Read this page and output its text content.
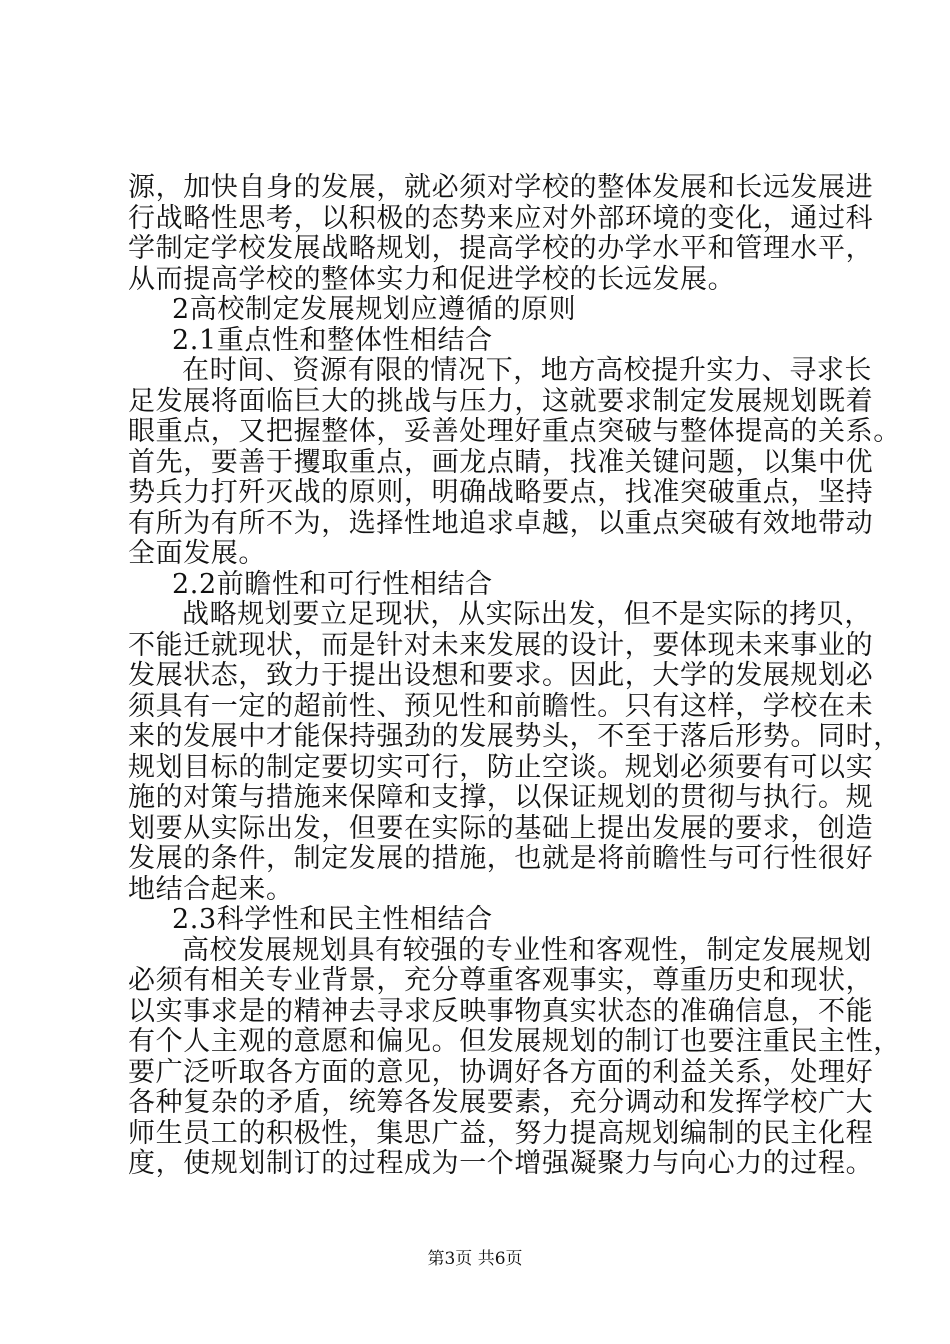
源，加快自身的发展，就必须对学校的整体发展和长远发展进
行战略性思考，以积极的态势来应对外部环境的变化，通过科
学制定学校发展战略规划，提高学校的办学水平和管理水平，
从而提高学校的整体实力和促进学校的长远发展。
2高校制定发展规划应遵循的原则
2.1重点性和整体性相结合
在时间、资源有限的情况下，地方高校提升实力、寻求长
足发展将面临巨大的挑战与压力，这就要求制定发展规划既着
眼重点，又把握整体，妥善处理好重点突破与整体提高的关系。
首先，要善于攫取重点，画龙点睛，找准关键问题，以集中优
势兵力打歼灭战的原则，明确战略要点，找准突破重点，坚持
有所为有所不为，选择性地追求卓越，以重点突破有效地带动
全面发展。
2.2前瞻性和可行性相结合
战略规划要立足现状，从实际出发，但不是实际的拷贝，
不能迁就现状，而是针对未来发展的设计，要体现未来事业的
发展状态，致力于提出设想和要求。因此，大学的发展规划必
须具有一定的超前性、预见性和前瞻性。只有这样，学校在未
来的发展中才能保持强劲的发展势头，不至于落后形势。同时，
规划目标的制定要切实可行，防止空谈。规划必须要有可以实
施的对策与措施来保障和支撑，以保证规划的贯彻与执行。规
划要从实际出发，但要在实际的基础上提出发展的要求，创造
发展的条件，制定发展的措施，也就是将前瞻性与可行性很好
地结合起来。
2.3科学性和民主性相结合
高校发展规划具有较强的专业性和客观性，制定发展规划
必须有相关专业背景，充分尊重客观事实，尊重历史和现状，
以实事求是的精神去寻求反映事物真实状态的准确信息，不能
有个人主观的意愿和偏见。但发展规划的制订也要注重民主性，
要广泛听取各方面的意见，协调好各方面的利益关系，处理好
各种复杂的矛盾，统筹各发展要素，充分调动和发挥学校广大
师生员工的积极性，集思广益，努力提高规划编制的民主化程
度，使规划制订的过程成为一个增强凝聚力与向心力的过程。
第3页 共6页
